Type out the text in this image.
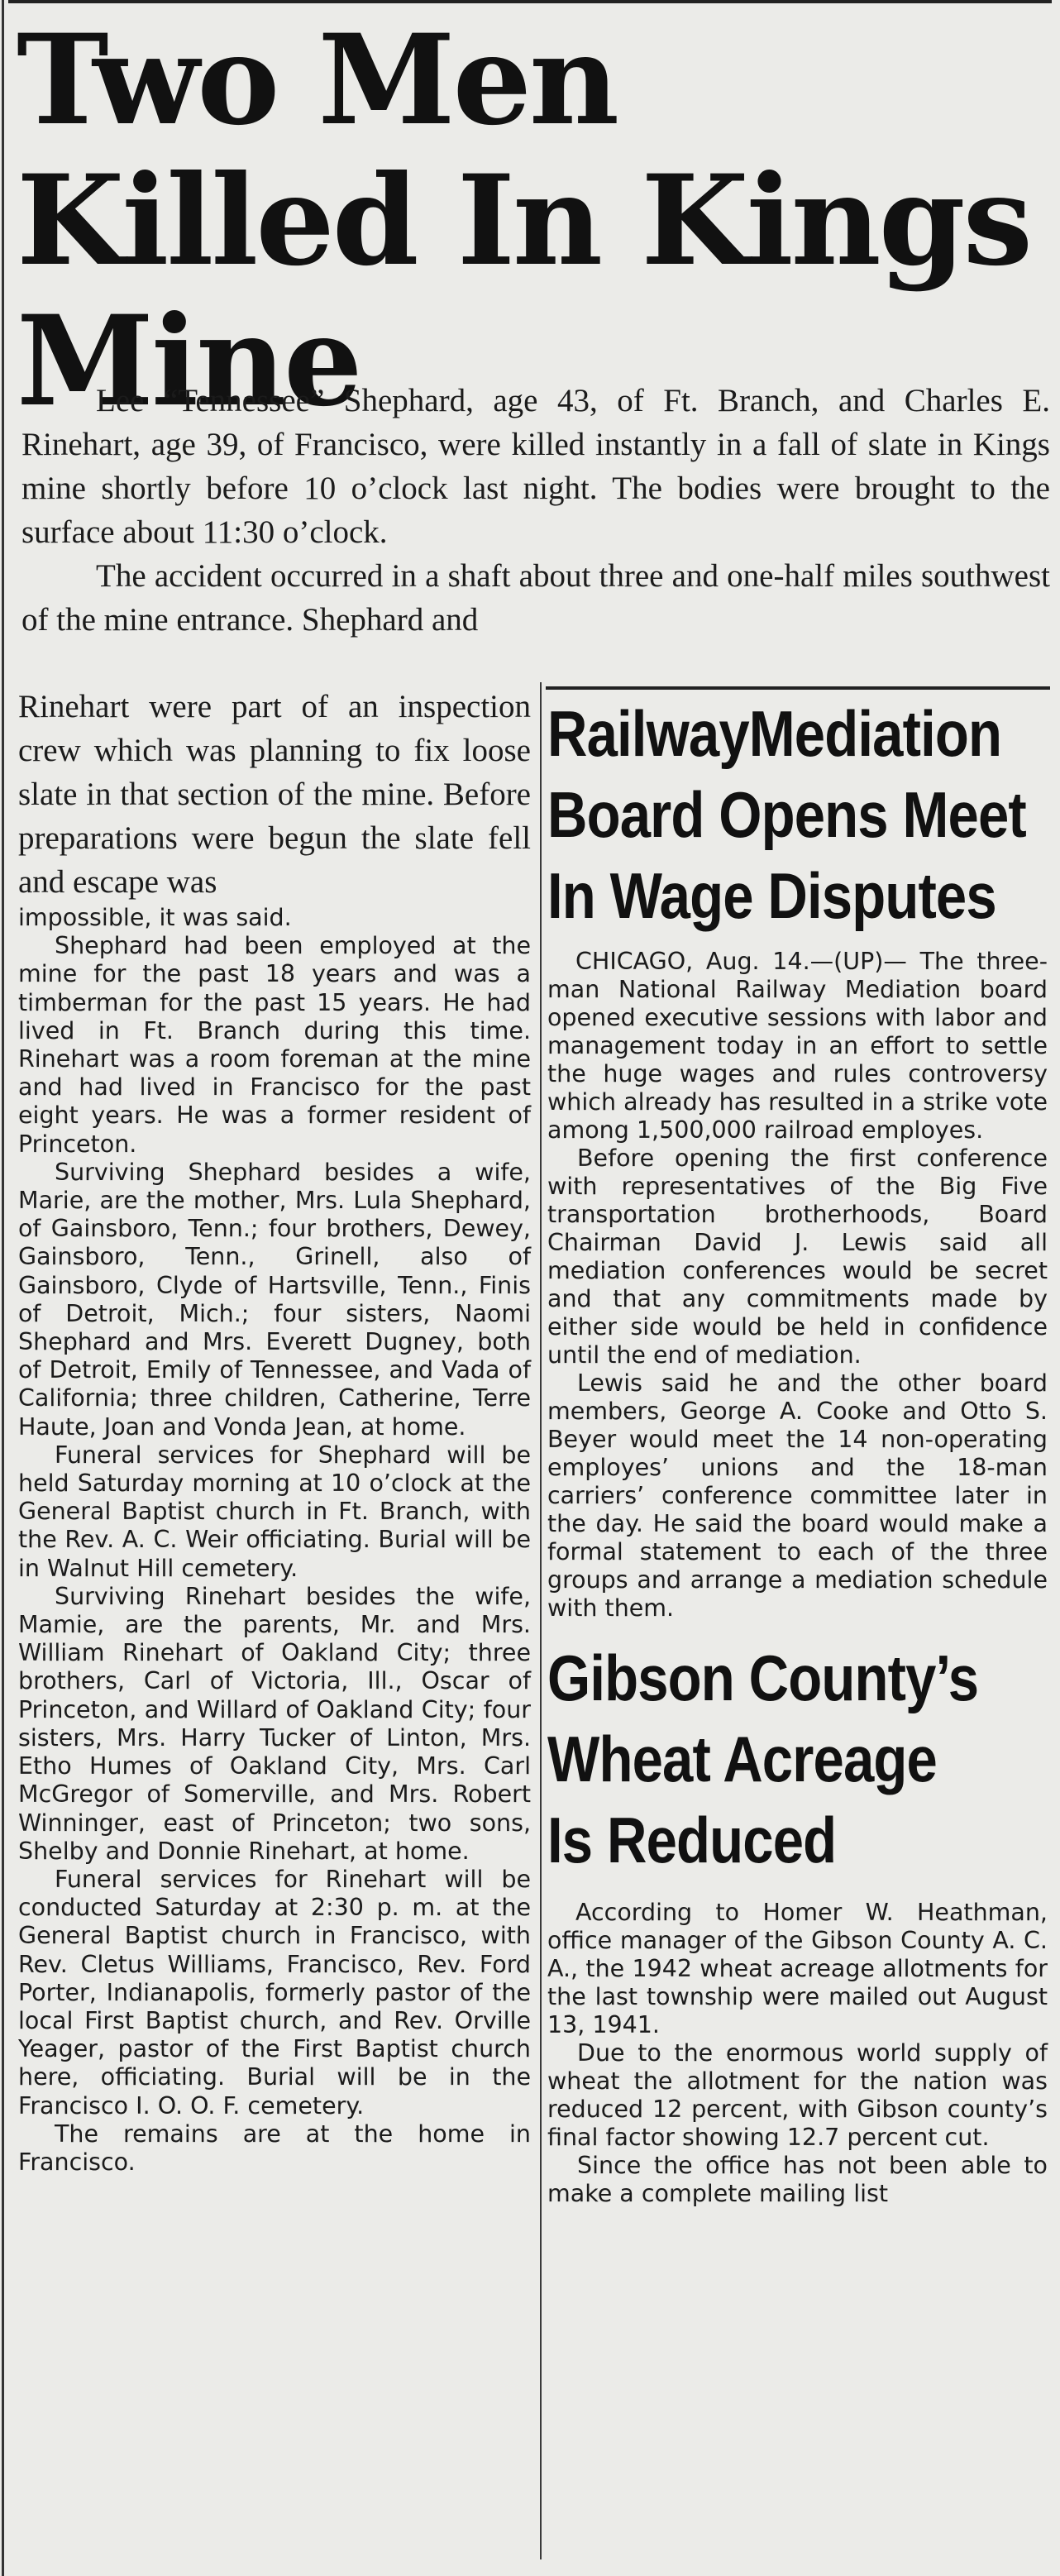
Two Men Killed In Kings Mine

Lee “Tennessee” Shephard, age 43, of Ft. Branch, and Charles E. Rinehart, age 39, of Francisco, were killed instantly in a fall of slate in Kings mine shortly before 10 o’clock last night. The bodies were brought to the surface about 11:30 o’clock.

The accident occurred in a shaft about three and one-half miles southwest of the mine entrance. Shephard and

Rinehart were part of an inspection crew which was planning to fix loose slate in that section of the mine. Before preparations were begun the slate fell and escape was

impossible, it was said.

Shephard had been employed at the mine for the past 18 years and was a timberman for the past 15 years. He had lived in Ft. Branch during this time. Rinehart was a room foreman at the mine and had lived in Francisco for the past eight years. He was a former resident of Princeton.

Surviving Shephard besides a wife, Marie, are the mother, Mrs. Lula Shephard, of Gainsboro, Tenn.; four brothers, Dewey, Gainsboro, Tenn., Grinell, also of Gainsboro, Clyde of Hartsville, Tenn., Finis of Detroit, Mich.; four sisters, Naomi Shephard and Mrs. Everett Dugney, both of Detroit, Emily of Tennessee, and Vada of California; three children, Catherine, Terre Haute, Joan and Vonda Jean, at home.

Funeral services for Shephard will be held Saturday morning at 10 o’clock at the General Baptist church in Ft. Branch, with the Rev. A. C. Weir officiating. Burial will be in Walnut Hill cemetery.

Surviving Rinehart besides the wife, Mamie, are the parents, Mr. and Mrs. William Rinehart of Oakland City; three brothers, Carl of Victoria, Ill., Oscar of Princeton, and Willard of Oakland City; four sisters, Mrs. Harry Tucker of Linton, Mrs. Etho Humes of Oakland City, Mrs. Carl McGregor of Somerville, and Mrs. Robert Winninger, east of Princeton; two sons, Shelby and Donnie Rinehart, at home.

Funeral services for Rinehart will be conducted Saturday at 2:30 p. m. at the General Baptist church in Francisco, with Rev. Cletus Williams, Francisco, Rev. Ford Porter, Indianapolis, formerly pastor of the local First Baptist church, and Rev. Orville Yeager, pastor of the First Baptist church here, officiating. Burial will be in the Francisco I. O. O. F. cemetery.

The remains are at the home in Francisco.

RailwayMediation
Board Opens Meet
In Wage Disputes

CHICAGO, Aug. 14.—(UP)— The three-man National Railway Mediation board opened executive sessions with labor and management today in an effort to settle the huge wages and rules controversy which already has resulted in a strike vote among 1,500,000 railroad employes.

Before opening the first conference with representatives of the Big Five transportation brotherhoods, Board Chairman David J. Lewis said all mediation conferences would be secret and that any commitments made by either side would be held in confidence until the end of mediation.

Lewis said he and the other board members, George A. Cooke and Otto S. Beyer would meet the 14 non-operating employes’ unions and the 18-man carriers’ conference committee later in the day. He said the board would make a formal statement to each of the three groups and arrange a mediation schedule with them.

Gibson County’s
Wheat Acreage
Is Reduced

According to Homer W. Heathman, office manager of the Gibson County A. C. A., the 1942 wheat acreage allotments for the last township were mailed out August 13, 1941.

Due to the enormous world supply of wheat the allotment for the nation was reduced 12 percent, with Gibson county’s final factor showing 12.7 percent cut.

Since the office has not been able to make a complete mailing list
